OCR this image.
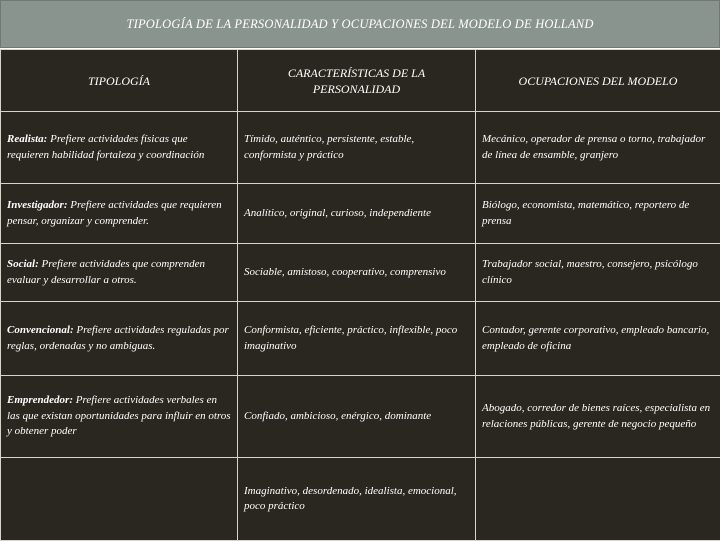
TIPOLOGÍA DE LA PERSONALIDAD Y OCUPACIONES DEL MODELO DE HOLLAND
TIPOLOGÍA	CARACTERÍSTICAS DE LA PERSONALIDAD	OCUPACIONES DEL MODELO
Realista: Prefiere actividades físicas que requieren habilidad fortaleza y coordinación	Tímido, auténtico, persistente, estable, conformista y práctico	Mecánico, operador de prensa o torno, trabajador de línea de ensamble, granjero
Investigador: Prefiere actividades que requieren pensar, organizar y comprender.	Analítico, original, curioso, independiente	Biólogo, economista, matemático, reportero de prensa
Social: Prefiere actividades que comprenden evaluar y desarrollar a otros.	Sociable, amistoso, cooperativo, comprensivo	Trabajador social, maestro, consejero, psicólogo clínico
Convencional: Prefiere actividades reguladas por reglas, ordenadas y no ambiguas.	Conformista, eficiente, práctico, inflexible, poco imaginativo	Contador, gerente corporativo, empleado bancario, empleado de oficina
Emprendedor: Prefiere actividades verbales en las que existan oportunidades para influir en otros y obtener poder	Confiado, ambicioso, enérgico, dominante	Abogado, corredor de bienes raíces, especialista en relaciones públicas, gerente de negocio pequeño
	Imaginativo, desordenado, idealista, emocional, poco práctico	
